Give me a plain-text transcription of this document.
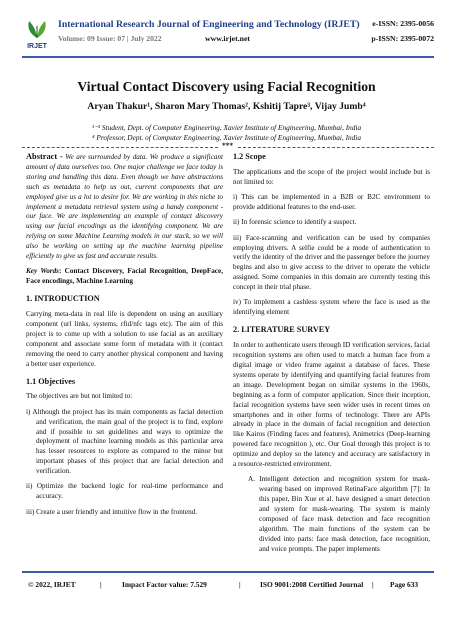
IRJET
International Research Journal of Engineering and Technology (IRJET)
Volume: 09 Issue: 07 | July 2022	www.irjet.net
e-ISSN: 2395-0056
p-ISSN: 2395-0072
Virtual Contact Discovery using Facial Recognition
Aryan Thakur¹, Sharon Mary Thomas², Kshitij Tapre³, Vijay Jumb⁴
¹⁻³ Student, Dept. of Computer Engineering, Xavier Institute of Engineering, Mumbai, India
⁴ Professor, Dept. of Computer Engineering, Xavier Institute of Engineering, Mumbai, India
***

Abstract - We are surrounded by data. We produce a significant amount of data ourselves too. One major challenge we face today is storing and handling this data. Even though we have abstractions such as metadata to help us out, current components that are employed give us a lot to desire for. We are working in this niche to implement a metadata retrieval system using a handy component - our face. We are implementing an example of contact discovery using our facial encodings as the identifying component. We are relying on some Machine Learning models in our stack, so we will also be working on setting up the machine learning pipeline efficiently to give us fast and accurate results.

Key Words: Contact Discovery, Facial Recognition, DeepFace, Face encodings, Machine Learning

1. INTRODUCTION

Carrying meta-data in real life is dependent on using an auxiliary component (url links, systems, rfid/nfc tags etc). The aim of this project is to come up with a solution to use facial as an auxiliary component and associate some form of metadata with it (contact removing the need to carry another physical component and having a better user experience.

1.1 Objectives

The objectives are but not limited to:

i) Although the project has its main components as facial detection and verification, the main goal of the project is to find, explore and if possible to set guidelines and ways to optimize the deployment of machine learning models as this particular area has lesser resources to explore as compared to the minor but important phases of this project that are facial detection and verification.

ii) Optimize the backend logic for real-time performance and accuracy.

iii) Create a user friendly and intuitive flow in the frontend.

1.2 Scope

The applications and the scope of the project would include but is not limited to:

i) This can be implemented in a B2B or B2C environment to provide additional features to the end-user.

ii) In forensic science to identify a suspect.

iii) Face-scanning and verification can be used by companies employing drivers. A selfie could be a mode of authentication to verify the identity of the driver and the passenger before the journey begins and also to give access to the driver to operate the vehicle assigned. Some companies in this domain are currently testing this concept in their trial phase.

iv) To implement a cashless system where the face is used as the identifying element

2. LITERATURE SURVEY

In order to authenticate users through ID verification services, facial recognition systems are often used to match a human face from a digital image or video frame against a database of faces. These systems operate by identifying and quantifying facial features from an image. Development began on similar systems in the 1960s, beginning as a form of computer application. Since their inception, facial recognition systems have seen wider uses in recent times on smartphones and in other forms of technology. There are APIs already in place in the domain of facial recognition and detection like Kairos (Finding faces and features), Animetrics (Deep-learning powered face recognition ), etc. Our Goal through this project is to optimize and deploy so the latency and accuracy are satisfactory in a resource-restricted environment.

A. Intelligent detection and recognition system for mask-wearing based on improved RetinaFace algorithm [7]: In this paper, Bin Xue et al. have designed a smart detection and system for mask-wearing. The system is mainly composed of face mask detection and face recognition algorithm. The main functions of the system can be divided into parts: face mask detection, face recognition, and voice prompts. The paper implements

© 2022, IRJET	|	Impact Factor value: 7.529	|	ISO 9001:2008 Certified Journal | Page 633
